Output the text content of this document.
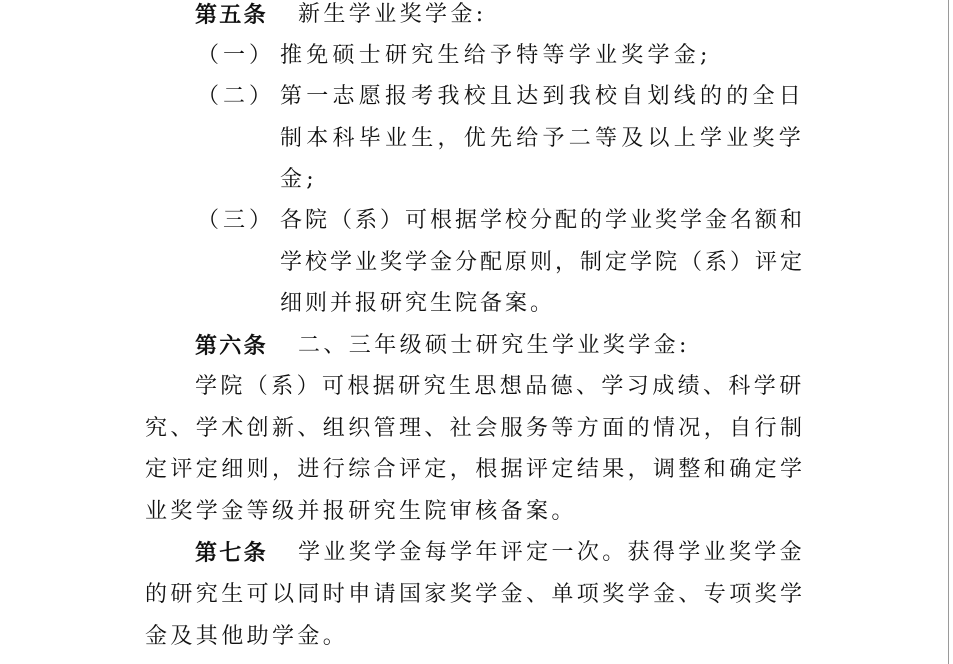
第五条 新生学业奖学金:
（一） 推免硕士研究生给予特等学业奖学金;
（二） 第一志愿报考我校且达到我校自划线的的全日
制本科毕业生，优先给予二等及以上学业奖学
金;
（三） 各院（系）可根据学校分配的学业奖学金名额和
学校学业奖学金分配原则，制定学院（系）评定
细则并报研究生院备案。
第六条 二、三年级硕士研究生学业奖学金:
学院（系）可根据研究生思想品德、学习成绩、科学研
究、学术创新、组织管理、社会服务等方面的情况，自行制
定评定细则，进行综合评定，根据评定结果，调整和确定学
业奖学金等级并报研究生院审核备案。
第七条 学业奖学金每学年评定一次。获得学业奖学金
的研究生可以同时申请国家奖学金、单项奖学金、专项奖学
金及其他助学金。
